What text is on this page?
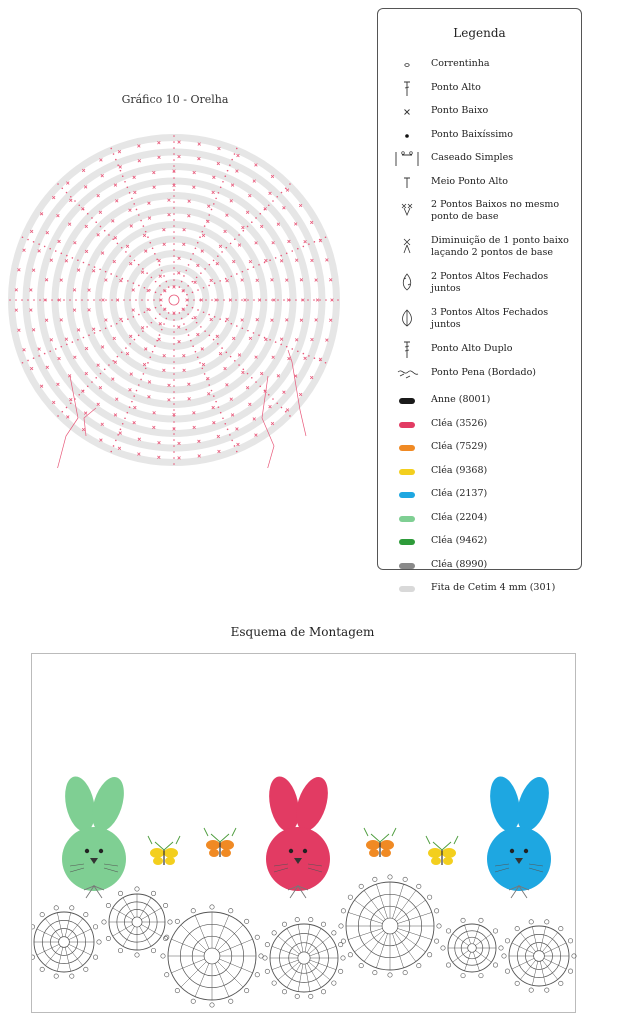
Gráfico 10 - Orelha
Legenda
Correntinha
Ponto Alto
Ponto Baixo
Ponto Baixíssimo
Caseado Simples
Meio Ponto Alto
2 Pontos Baixos no mesmo ponto de base
Diminuição de 1 ponto baixo laçando 2 pontos de base
2 Pontos Altos Fechados juntos
3 Pontos Altos Fechados juntos
Ponto Alto Duplo
Ponto Pena (Bordado)
Anne (8001)
Cléa (3526)
Cléa (7529)
Cléa (9368)
Cléa (2137)
Cléa (2204)
Cléa (9462)
Cléa (8990)
Fita de Cetim 4 mm (301)
Esquema de Montagem
